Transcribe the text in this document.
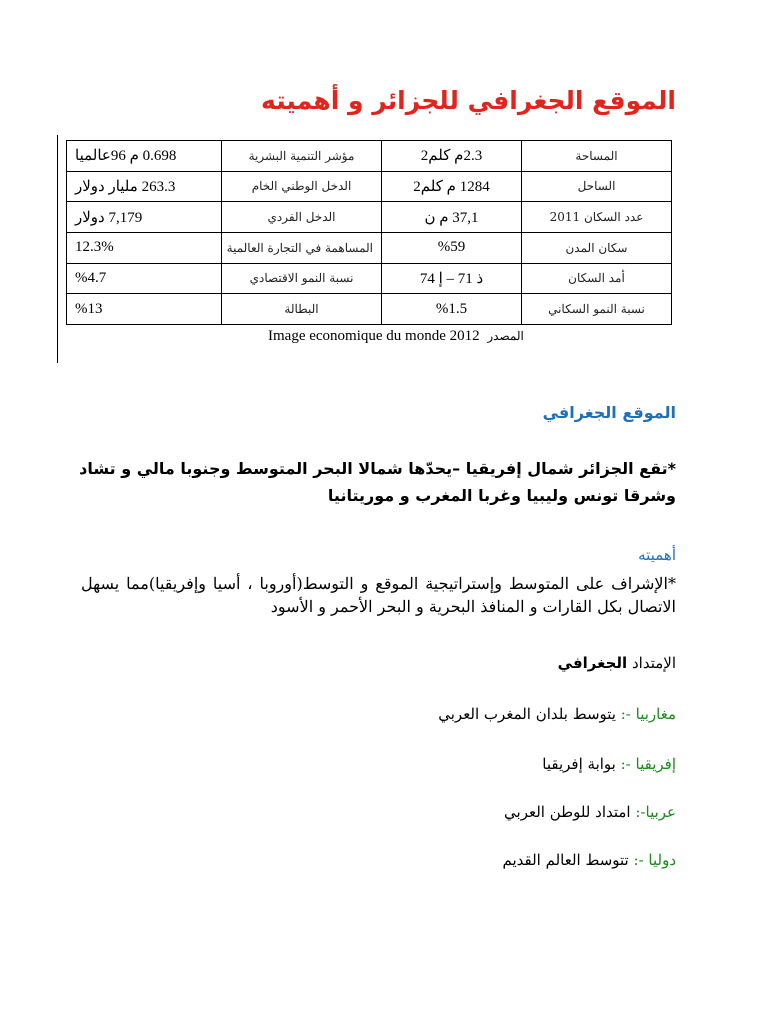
الموقع الجغرافي للجزائر و أهميته
المساحة	2.3م كلم2	مؤشر التنمية البشرية	0.698 م 96عالميا
الساحل	1284 م كلم2	الدخل الوطني الخام	263.3 مليار دولار
عدد السكان 2011	37,1 م ن	الدخل الفردي	7,179 دولار
سكان المدن	%59	المساهمة في التجارة العالمية	12.3%
أمد السكان	ذ 71 – إ 74	نسبة النمو الاقتصادي	%4.7
نسبة النمو السكاني	%1.5	البطالة	%13
Image economique du monde 2012 المصدر
الموقع الجغرافي
*تقع الجزائر شمال إفريقيا –يحدّها شمالا البحر المتوسط وجنوبا مالي و تشاد وشرقا تونس وليبيا وغربا المغرب و موريتانيا
أهميته
*الإشراف على المتوسط وإستراتيجية الموقع و التوسط(أوروبا ، أسيا وإفريقيا)مما يسهل الاتصال بكل القارات و المنافذ البحرية و البحر الأحمر و الأسود
الإمتداد الجغرافي
مغاربيا -: يتوسط بلدان المغرب العربي
إفريقيا -: بوابة إفريقيا
عربيا-: امتداد للوطن العربي
دوليا -: تتوسط العالم القديم
